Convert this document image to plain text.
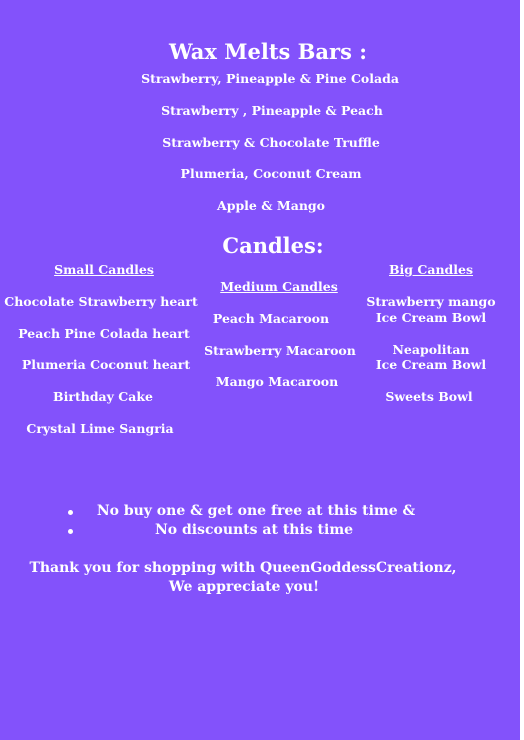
Wax Melts Bars :
Strawberry, Pineapple & Pine Colada
Strawberry , Pineapple & Peach
Strawberry & Chocolate Truffle
Plumeria, Coconut Cream
Apple & Mango
Candles:
Small Candles
Chocolate Strawberry heart
Peach Pine Colada heart
Plumeria Coconut heart
Birthday Cake
Crystal Lime Sangria
Medium Candles
Peach Macaroon
Strawberry Macaroon
Mango Macaroon
Big Candles
Strawberry mango
Ice Cream Bowl
Neapolitan
Ice Cream Bowl
Sweets Bowl
No buy one & get one free at this time &
No discounts at this time
Thank you for shopping with QueenGoddessCreationz,
We appreciate you!
